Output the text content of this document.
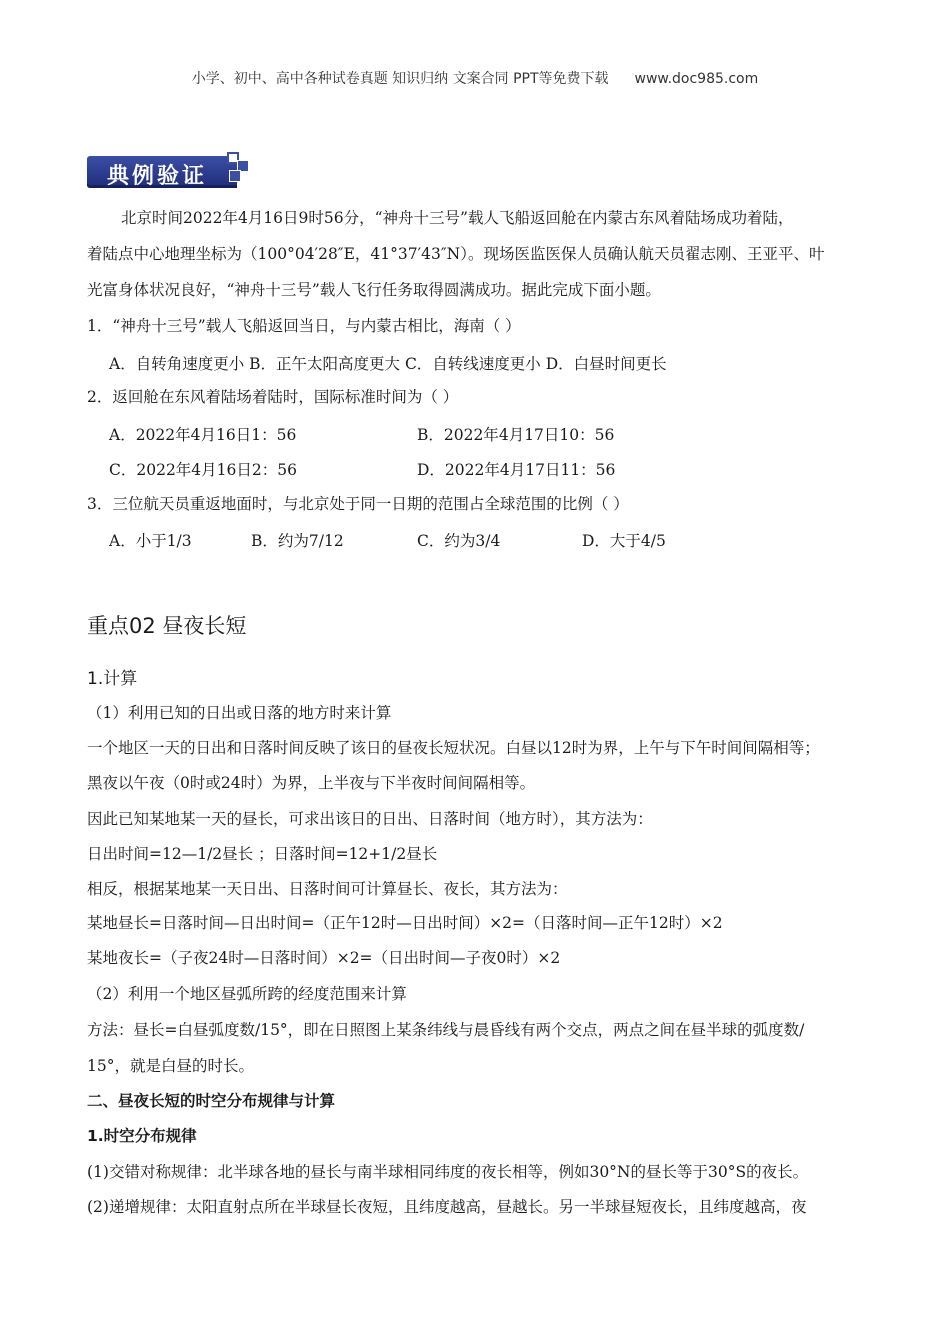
小学、初中、高中各种试卷真题 知识归纳 文案合同 PPT等免费下载 www.doc985.com
典例验证
北京时间2022年4月16日9时56分，“神舟十三号”载人飞船返回舱在内蒙古东风着陆场成功着陆，
着陆点中心地理坐标为（100°04′28″E，41°37′43″N）。现场医监医保人员确认航天员翟志刚、王亚平、叶
光富身体状况良好，“神舟十三号”载人飞行任务取得圆满成功。据此完成下面小题。
1．“神舟十三号”载人飞船返回当日，与内蒙古相比，海南（ ）
A．自转角速度更小 B．正午太阳高度更大 C．自转线速度更小 D．白昼时间更长
2．返回舱在东风着陆场着陆时，国际标准时间为（ ）
A．2022年4月16日1：56	B．2022年4月17日10：56
C．2022年4月16日2：56	D．2022年4月17日11：56
3．三位航天员重返地面时，与北京处于同一日期的范围占全球范围的比例（ ）
A．小于1/3	B．约为7/12	C．约为3/4	D．大于4/5
重点02 昼夜长短
1.计算
（1）利用已知的日出或日落的地方时来计算
一个地区一天的日出和日落时间反映了该日的昼夜长短状况。白昼以12时为界，上午与下午时间间隔相等；
黑夜以午夜（0时或24时）为界，上半夜与下半夜时间间隔相等。
因此已知某地某一天的昼长，可求出该日的日出、日落时间（地方时），其方法为：
日出时间=12—1/2昼长 ；日落时间=12+1/2昼长
相反，根据某地某一天日出、日落时间可计算昼长、夜长，其方法为：
某地昼长=日落时间—日出时间=（正午12时—日出时间）×2=（日落时间—正午12时）×2
某地夜长=（子夜24时—日落时间）×2=（日出时间—子夜0时）×2
（2）利用一个地区昼弧所跨的经度范围来计算
方法：昼长=白昼弧度数/15°，即在日照图上某条纬线与晨昏线有两个交点，两点之间在昼半球的弧度数/
15°，就是白昼的时长。
二、昼夜长短的时空分布规律与计算
1.时空分布规律
(1)交错对称规律：北半球各地的昼长与南半球相同纬度的夜长相等，例如30°N的昼长等于30°S的夜长。
(2)递增规律：太阳直射点所在半球昼长夜短，且纬度越高，昼越长。另一半球昼短夜长，且纬度越高，夜
